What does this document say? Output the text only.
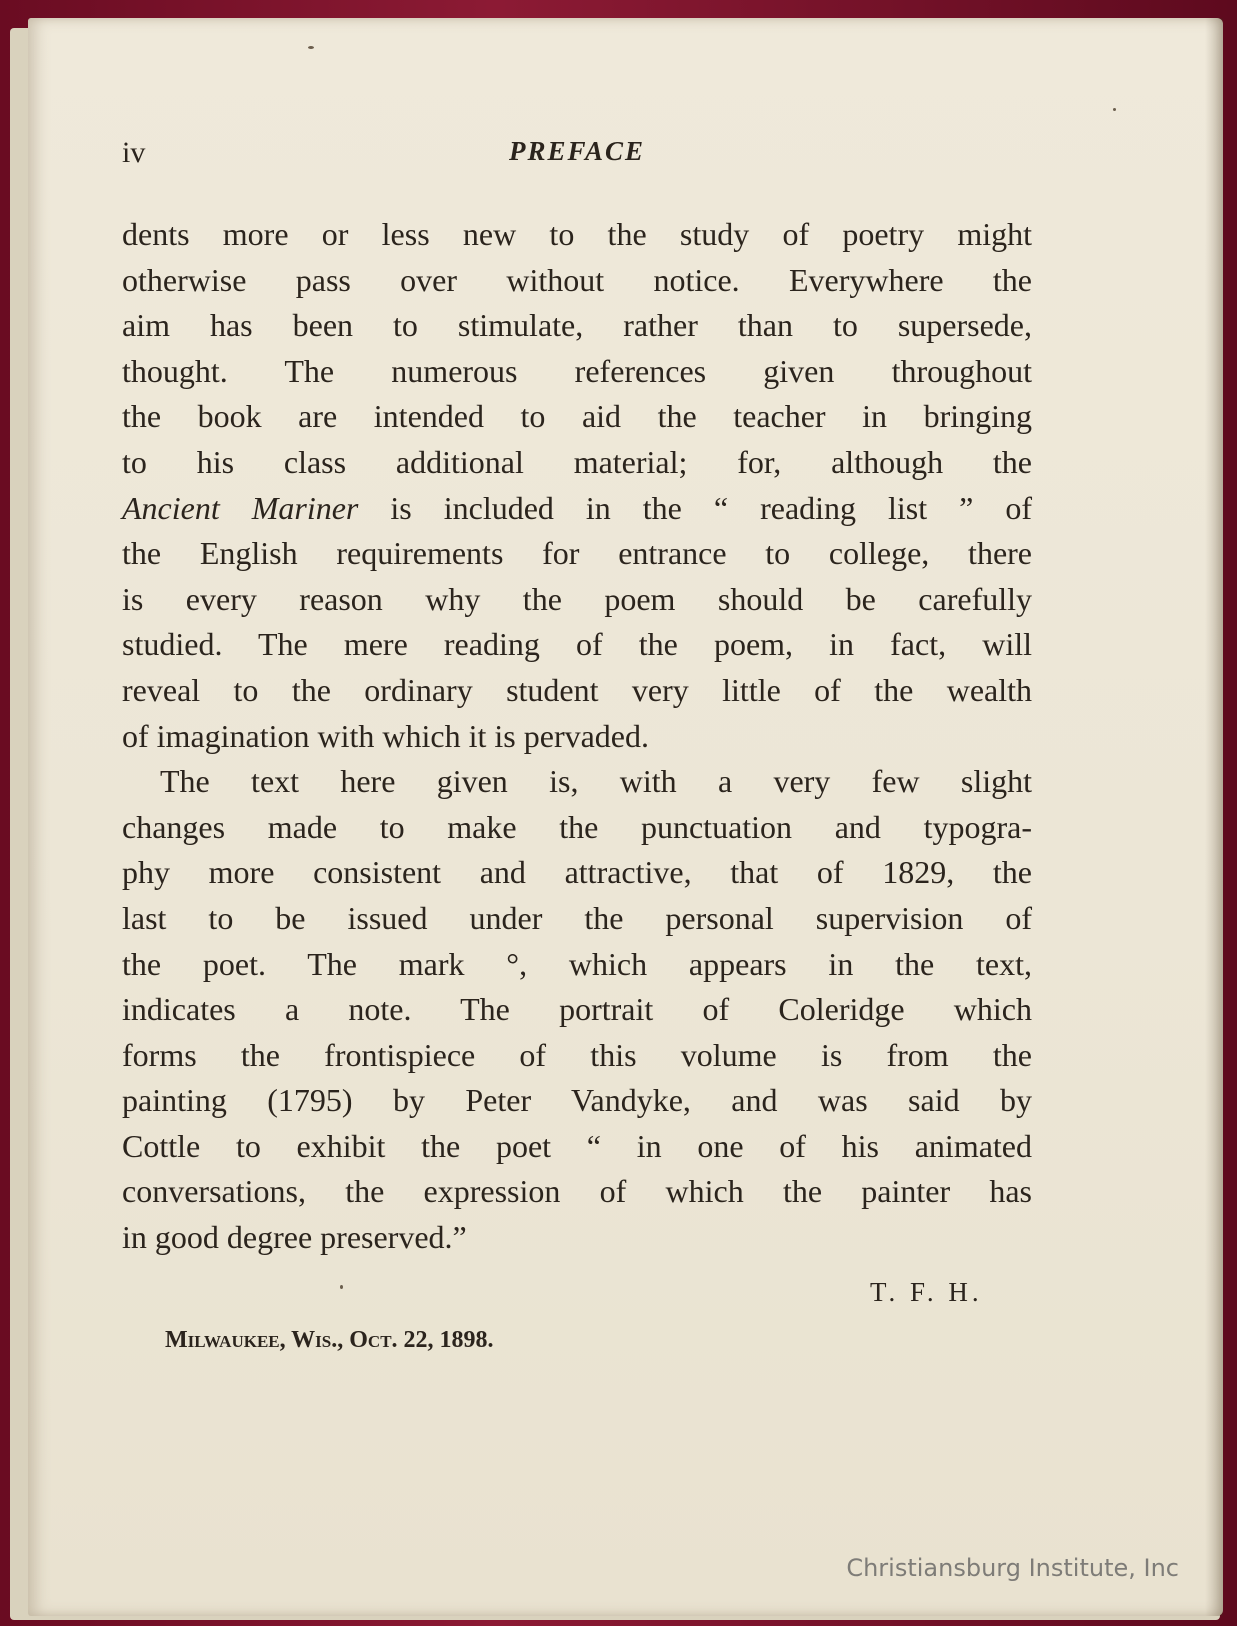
iv	PREFACE
dents more or less new to the study of poetry might
otherwise pass over without notice. Everywhere the
aim has been to stimulate, rather than to supersede,
thought. The numerous references given throughout
the book are intended to aid the teacher in bringing
to his class additional material; for, although the
Ancient Mariner is included in the “ reading list ” of
the English requirements for entrance to college, there
is every reason why the poem should be carefully
studied. The mere reading of the poem, in fact, will
reveal to the ordinary student very little of the wealth
of imagination with which it is pervaded.
The text here given is, with a very few slight
changes made to make the punctuation and typogra-
phy more consistent and attractive, that of 1829, the
last to be issued under the personal supervision of
the poet. The mark °, which appears in the text,
indicates a note. The portrait of Coleridge which
forms the frontispiece of this volume is from the
painting (1795) by Peter Vandyke, and was said by
Cottle to exhibit the poet “ in one of his animated
conversations, the expression of which the painter has
in good degree preserved.”
T. F. H.
Milwaukee, Wis., Oct. 22, 1898.
Christiansburg Institute, Inc
